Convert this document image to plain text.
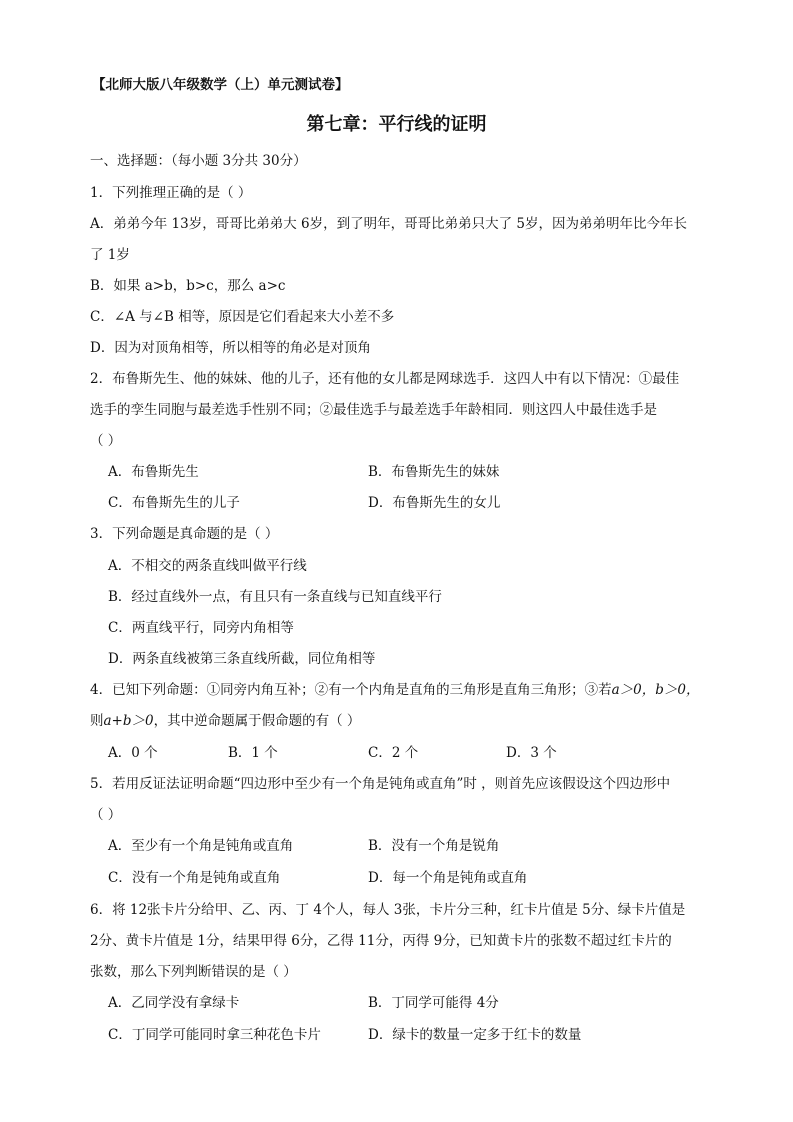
【北师大版八年级数学（上）单元测试卷】
第七章：平行线的证明
一、选择题：（每小题 3分共 30分）
1．下列推理正确的是（ ）
A．弟弟今年 13岁，哥哥比弟弟大 6岁，到了明年，哥哥比弟弟只大了 5岁，因为弟弟明年比今年长
了 1岁
B．如果 a>b，b>c，那么 a>c
C．∠A 与∠B 相等，原因是它们看起来大小差不多
D．因为对顶角相等，所以相等的角必是对顶角
2．布鲁斯先生、他的妹妹、他的儿子，还有他的女儿都是网球选手．这四人中有以下情况：①最佳
选手的孪生同胞与最差选手性别不同；②最佳选手与最差选手年龄相同．则这四人中最佳选手是
（ ）
A．布鲁斯先生	B．布鲁斯先生的妹妹
C．布鲁斯先生的儿子	D．布鲁斯先生的女儿
3．下列命题是真命题的是（ ）
A．不相交的两条直线叫做平行线
B．经过直线外一点，有且只有一条直线与已知直线平行
C．两直线平行，同旁内角相等
D．两条直线被第三条直线所截，同位角相等
4．已知下列命题：①同旁内角互补；②有一个内角是直角的三角形是直角三角形；③若a＞0，b＞0，
则a+b＞0，其中逆命题属于假命题的有（ ）
A．0 个	B．1 个	C．2 个	D．3 个
5．若用反证法证明命题“四边形中至少有一个角是钝角或直角”时 ，则首先应该假设这个四边形中
（ ）
A．至少有一个角是钝角或直角	B．没有一个角是锐角
C．没有一个角是钝角或直角	D．每一个角是钝角或直角
6．将 12张卡片分给甲、乙、丙、丁 4个人，每人 3张，卡片分三种，红卡片值是 5分、绿卡片值是
2分、黄卡片值是 1分，结果甲得 6分，乙得 11分，丙得 9分，已知黄卡片的张数不超过红卡片的
张数，那么下列判断错误的是（ ）
A．乙同学没有拿绿卡	B．丁同学可能得 4分
C．丁同学可能同时拿三种花色卡片	D．绿卡的数量一定多于红卡的数量
